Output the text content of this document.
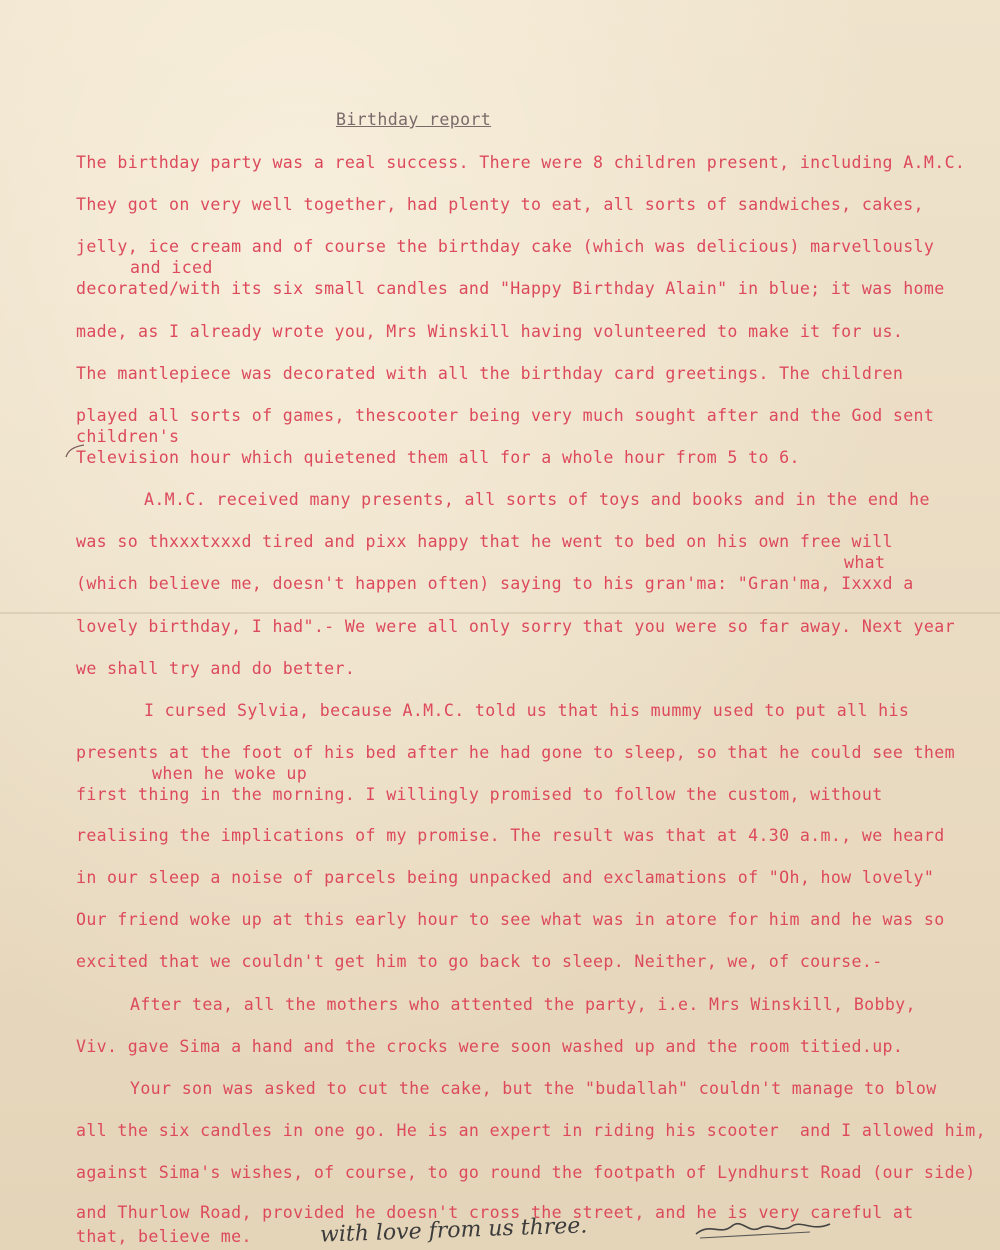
Birthday report
The birthday party was a real success. There were 8 children present, including A.M.C.
They got on very well together, had plenty to eat, all sorts of sandwiches, cakes,
jelly, ice cream and of course the birthday cake (which was delicious) marvellously
and iced
decorated/with its six small candles and "Happy Birthday Alain" in blue; it was home
made, as I already wrote you, Mrs Winskill having volunteered to make it for us.
The mantlepiece was decorated with all the birthday card greetings. The children
played all sorts of games, thescooter being very much sought after and the God sent
children's
Television hour which quietened them all for a whole hour from 5 to 6.
A.M.C. received many presents, all sorts of toys and books and in the end he
was so thxxxtxxxd tired and pixx happy that he went to bed on his own free will
what
(which believe me, doesn't happen often) saying to his gran'ma: "Gran'ma, Ixxxd a
lovely birthday, I had".- We were all only sorry that you were so far away. Next year
we shall try and do better.
I cursed Sylvia, because A.M.C. told us that his mummy used to put all his
presents at the foot of his bed after he had gone to sleep, so that he could see them
when he woke up
first thing in the morning. I willingly promised to follow the custom, without
realising the implications of my promise. The result was that at 4.30 a.m., we heard
in our sleep a noise of parcels being unpacked and exclamations of "Oh, how lovely"
Our friend woke up at this early hour to see what was in atore for him and he was so
excited that we couldn't get him to go back to sleep. Neither, we, of course.-
After tea, all the mothers who attented the party, i.e. Mrs Winskill, Bobby,
Viv. gave Sima a hand and the crocks were soon washed up and the room titied.up.
Your son was asked to cut the cake, but the "budallah" couldn't manage to blow
all the six candles in one go. He is an expert in riding his scooter  and I allowed him,
against Sima's wishes, of course, to go round the footpath of Lyndhurst Road (our side)
and Thurlow Road, provided he doesn't cross the street, and he is very careful at
that, believe me.	with love from us three.
